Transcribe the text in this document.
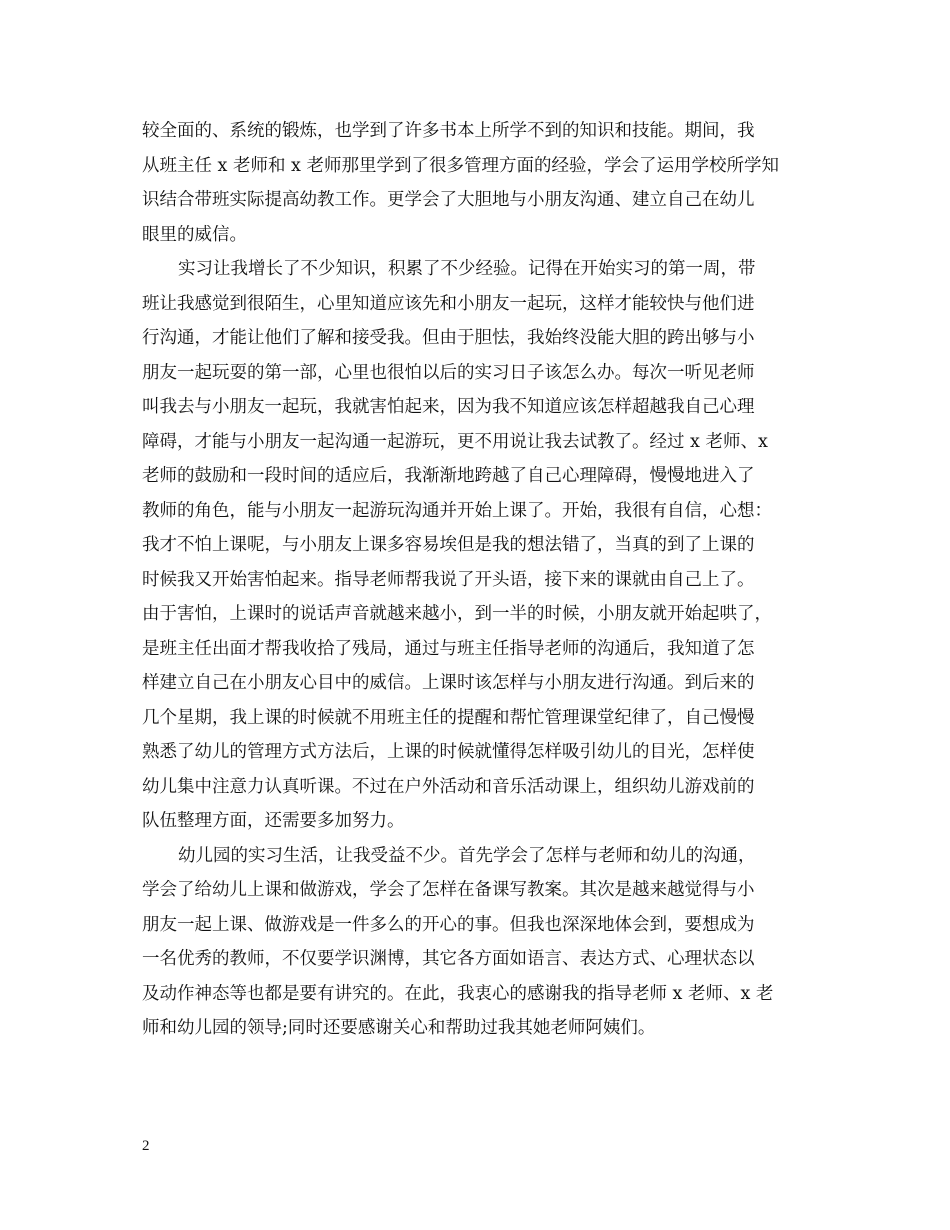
较全面的、系统的锻炼，也学到了许多书本上所学不到的知识和技能。期间，我
从班主任 x 老师和 x 老师那里学到了很多管理方面的经验，学会了运用学校所学知
识结合带班实际提高幼教工作。更学会了大胆地与小朋友沟通、建立自己在幼儿
眼里的威信。
实习让我增长了不少知识，积累了不少经验。记得在开始实习的第一周，带
班让我感觉到很陌生，心里知道应该先和小朋友一起玩，这样才能较快与他们进
行沟通，才能让他们了解和接受我。但由于胆怯，我始终没能大胆的跨出够与小
朋友一起玩耍的第一部，心里也很怕以后的实习日子该怎么办。每次一听见老师
叫我去与小朋友一起玩，我就害怕起来，因为我不知道应该怎样超越我自己心理
障碍，才能与小朋友一起沟通一起游玩，更不用说让我去试教了。经过 x 老师、x
老师的鼓励和一段时间的适应后，我渐渐地跨越了自己心理障碍，慢慢地进入了
教师的角色，能与小朋友一起游玩沟通并开始上课了。开始，我很有自信，心想：
我才不怕上课呢，与小朋友上课多容易埃但是我的想法错了，当真的到了上课的
时候我又开始害怕起来。指导老师帮我说了开头语，接下来的课就由自己上了。
由于害怕，上课时的说话声音就越来越小，到一半的时候，小朋友就开始起哄了，
是班主任出面才帮我收拾了残局，通过与班主任指导老师的沟通后，我知道了怎
样建立自己在小朋友心目中的威信。上课时该怎样与小朋友进行沟通。到后来的
几个星期，我上课的时候就不用班主任的提醒和帮忙管理课堂纪律了，自己慢慢
熟悉了幼儿的管理方式方法后，上课的时候就懂得怎样吸引幼儿的目光，怎样使
幼儿集中注意力认真听课。不过在户外活动和音乐活动课上，组织幼儿游戏前的
队伍整理方面，还需要多加努力。
幼儿园的实习生活，让我受益不少。首先学会了怎样与老师和幼儿的沟通，
学会了给幼儿上课和做游戏，学会了怎样在备课写教案。其次是越来越觉得与小
朋友一起上课、做游戏是一件多么的开心的事。但我也深深地体会到，要想成为
一名优秀的教师，不仅要学识渊博，其它各方面如语言、表达方式、心理状态以
及动作神态等也都是要有讲究的。在此，我衷心的感谢我的指导老师 x 老师、x 老
师和幼儿园的领导;同时还要感谢关心和帮助过我其她老师阿姨们。
2
